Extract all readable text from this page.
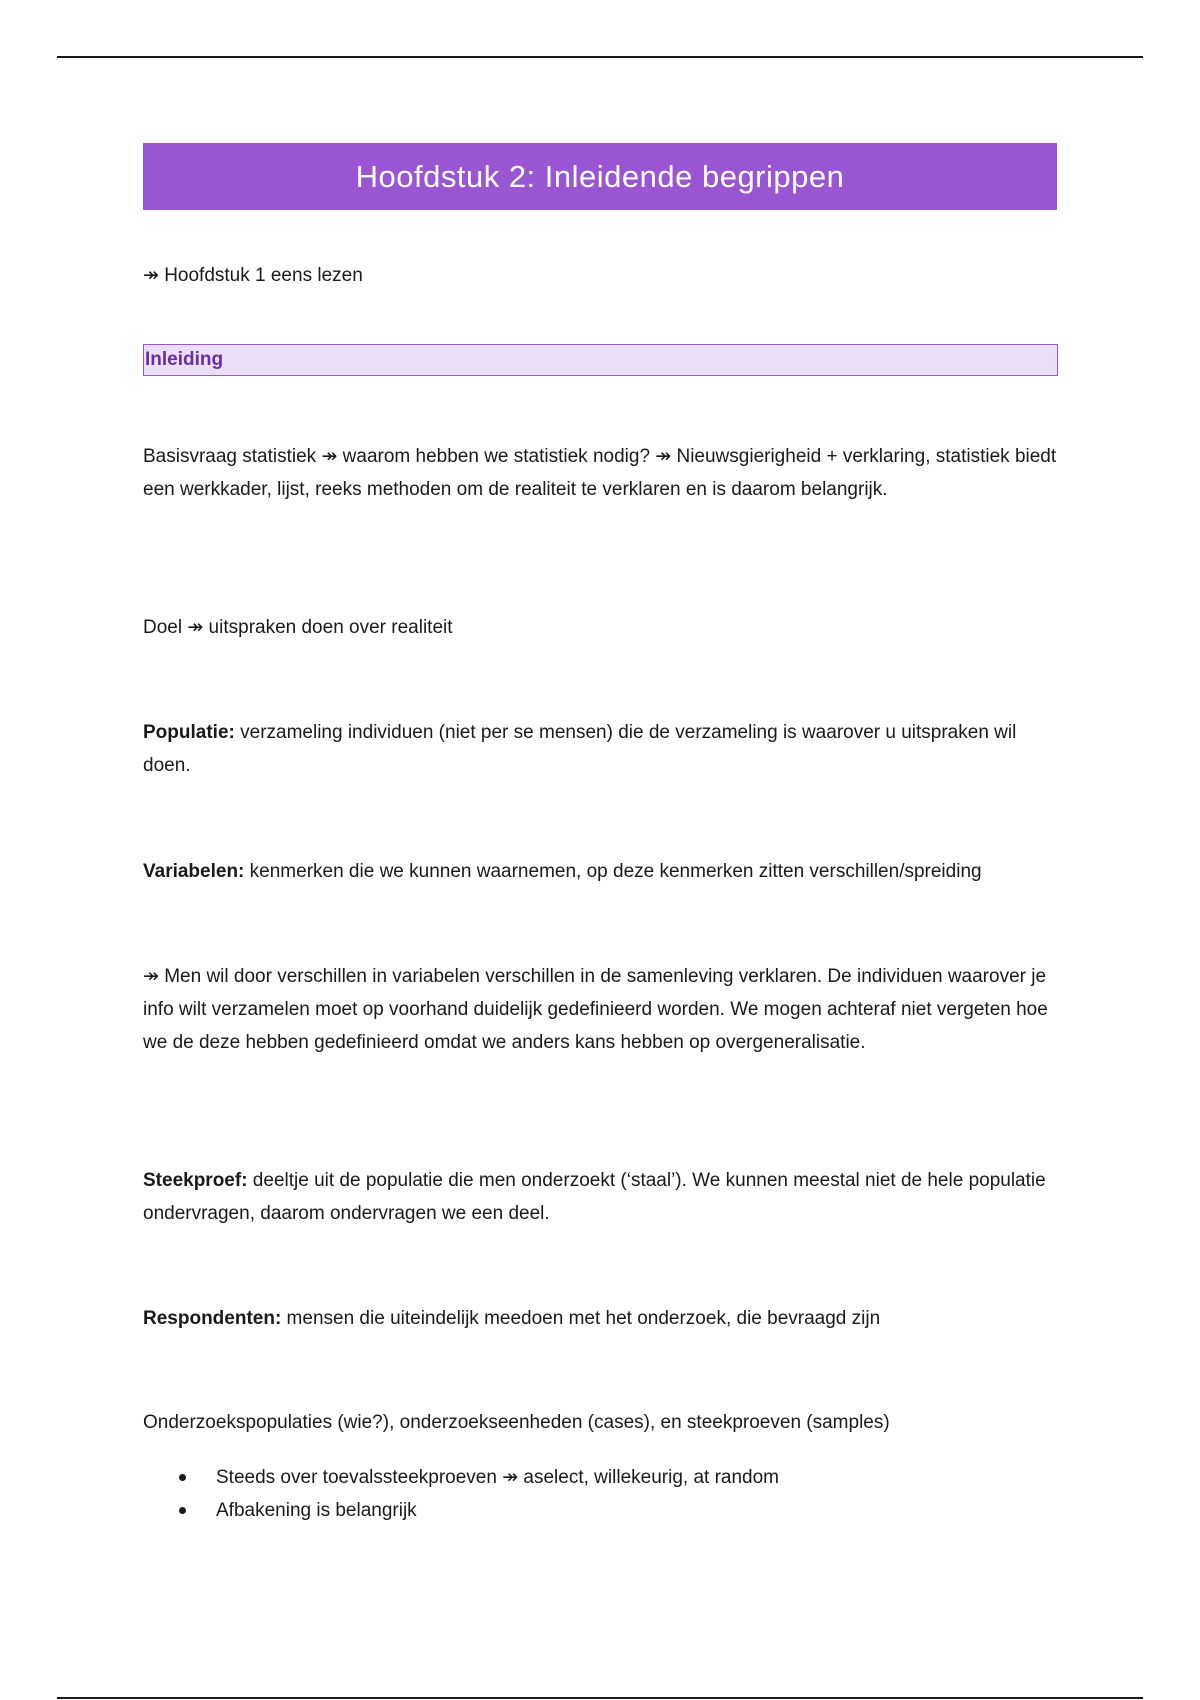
Hoofdstuk 2: Inleidende begrippen

↠ Hoofdstuk 1 eens lezen

Inleiding

Basisvraag statistiek ↠ waarom hebben we statistiek nodig? ↠ Nieuwsgierigheid + verklaring, statistiek biedt een werkkader, lijst, reeks methoden om de realiteit te verklaren en is daarom belangrijk.

Doel ↠ uitspraken doen over realiteit

Populatie: verzameling individuen (niet per se mensen) die de verzameling is waarover u uitspraken wil doen.

Variabelen: kenmerken die we kunnen waarnemen, op deze kenmerken zitten verschillen/spreiding

↠ Men wil door verschillen in variabelen verschillen in de samenleving verklaren. De individuen waarover je info wilt verzamelen moet op voorhand duidelijk gedefinieerd worden. We mogen achteraf niet vergeten hoe we de deze hebben gedefinieerd omdat we anders kans hebben op overgeneralisatie.

Steekproef: deeltje uit de populatie die men onderzoekt (‘staal’). We kunnen meestal niet de hele populatie ondervragen, daarom ondervragen we een deel.

Respondenten: mensen die uiteindelijk meedoen met het onderzoek, die bevraagd zijn

Onderzoekspopulaties (wie?), onderzoekseenheden (cases), en steekproeven (samples)

Steeds over toevalssteekproeven ↠ aselect, willekeurig, at random
Afbakening is belangrijk
